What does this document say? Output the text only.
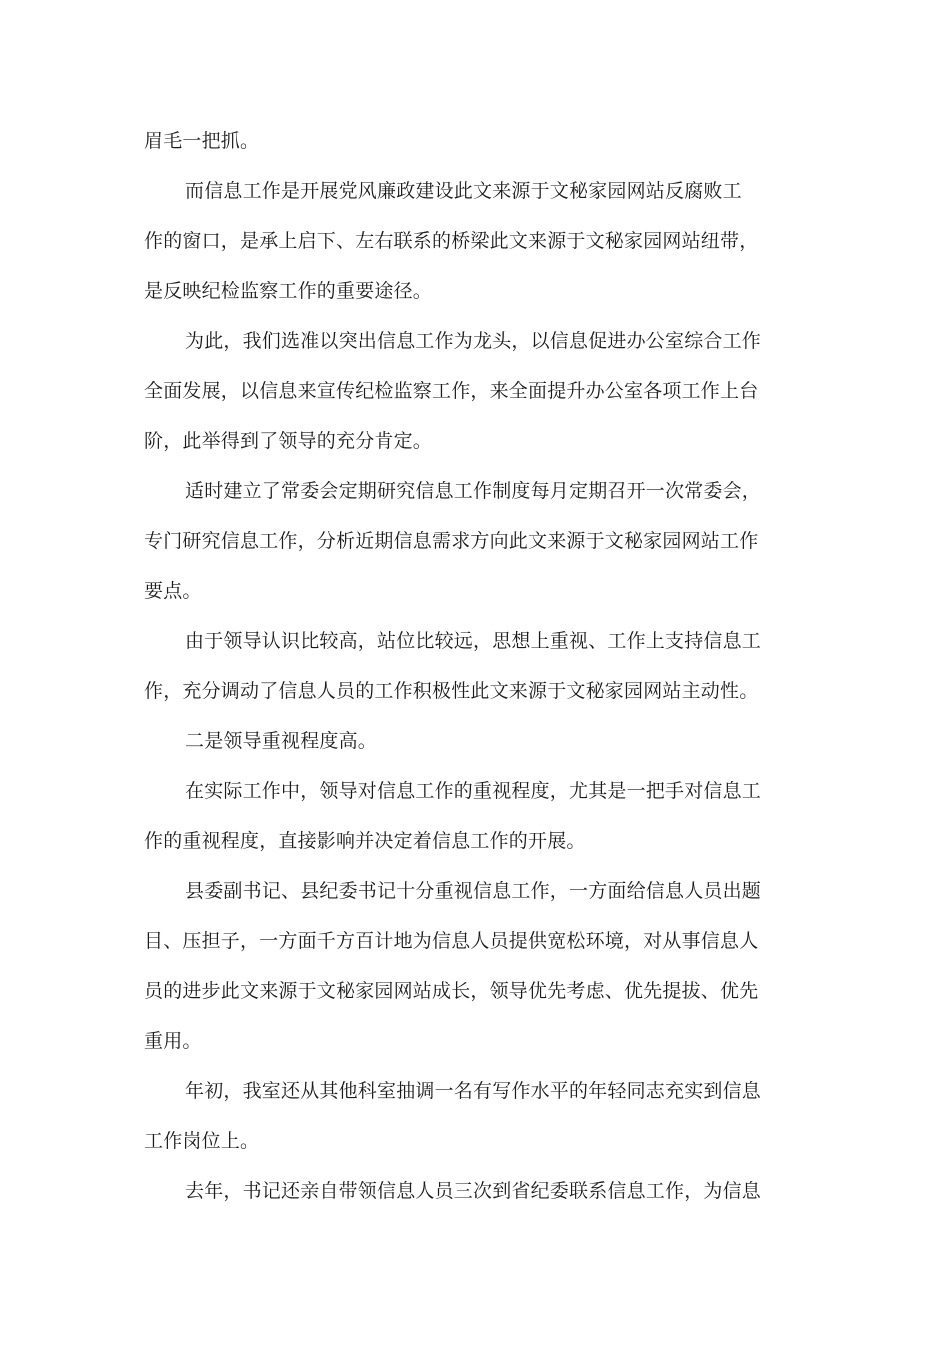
眉毛一把抓。
而信息工作是开展党风廉政建设此文来源于文秘家园网站反腐败工
作的窗口，是承上启下、左右联系的桥梁此文来源于文秘家园网站纽带，
是反映纪检监察工作的重要途径。
为此，我们选准以突出信息工作为龙头，以信息促进办公室综合工作
全面发展，以信息来宣传纪检监察工作，来全面提升办公室各项工作上台
阶，此举得到了领导的充分肯定。
适时建立了常委会定期研究信息工作制度每月定期召开一次常委会，
专门研究信息工作，分析近期信息需求方向此文来源于文秘家园网站工作
要点。
由于领导认识比较高，站位比较远，思想上重视、工作上支持信息工
作，充分调动了信息人员的工作积极性此文来源于文秘家园网站主动性。
二是领导重视程度高。
在实际工作中，领导对信息工作的重视程度，尤其是一把手对信息工
作的重视程度，直接影响并决定着信息工作的开展。
县委副书记、县纪委书记十分重视信息工作，一方面给信息人员出题
目、压担子，一方面千方百计地为信息人员提供宽松环境，对从事信息人
员的进步此文来源于文秘家园网站成长，领导优先考虑、优先提拔、优先
重用。
年初，我室还从其他科室抽调一名有写作水平的年轻同志充实到信息
工作岗位上。
去年，书记还亲自带领信息人员三次到省纪委联系信息工作，为信息
